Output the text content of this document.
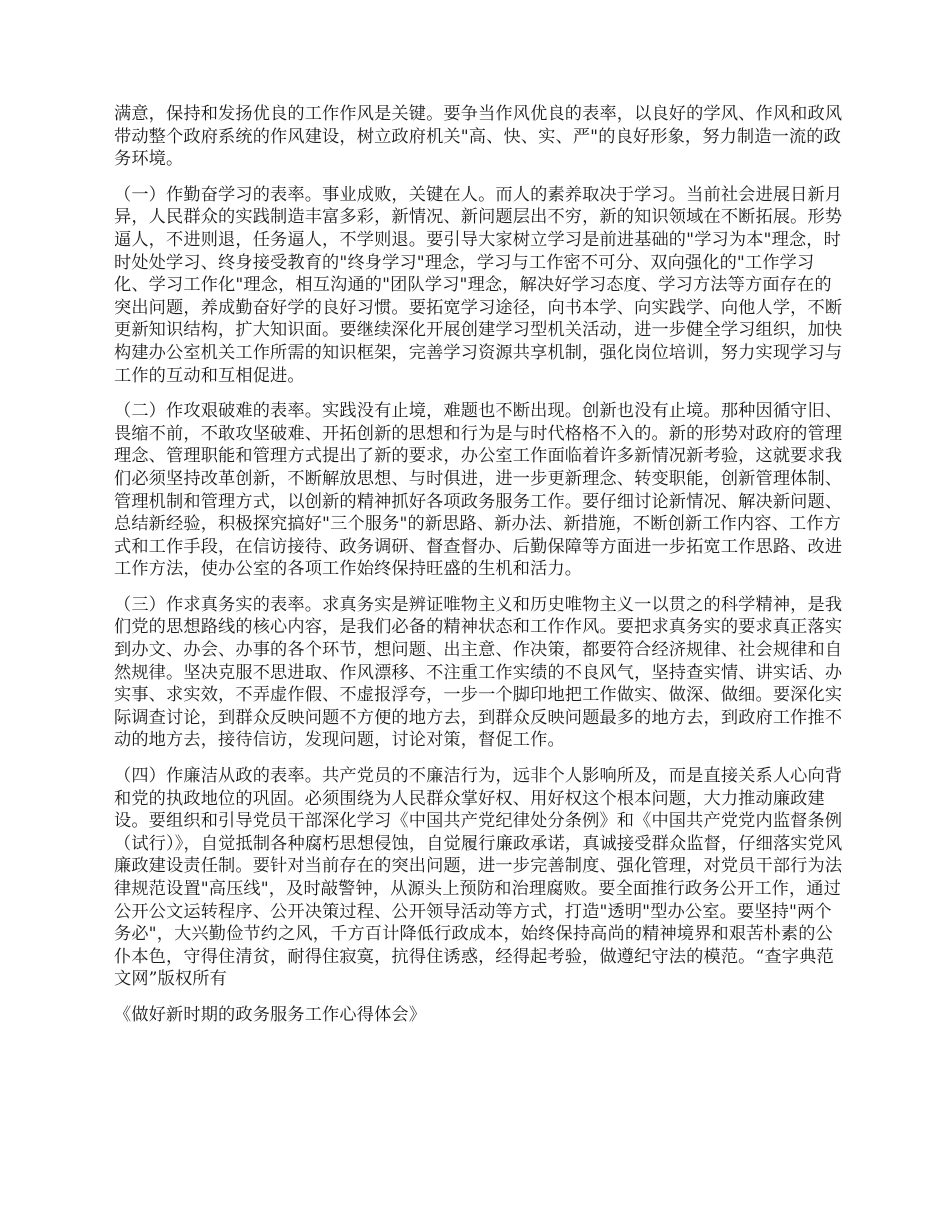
满意，保持和发扬优良的工作作风是关键。要争当作风优良的表率，以良好的学风、作风和政风带动整个政府系统的作风建设，树立政府机关"高、快、实、严"的良好形象，努力制造一流的政务环境。

（一）作勤奋学习的表率。事业成败，关键在人。而人的素养取决于学习。当前社会进展日新月异，人民群众的实践制造丰富多彩，新情况、新问题层出不穷，新的知识领域在不断拓展。形势逼人，不进则退，任务逼人，不学则退。要引导大家树立学习是前进基础的"学习为本"理念，时时处处学习、终身接受教育的"终身学习"理念，学习与工作密不可分、双向强化的"工作学习化、学习工作化"理念，相互沟通的"团队学习"理念，解决好学习态度、学习方法等方面存在的突出问题，养成勤奋好学的良好习惯。要拓宽学习途径，向书本学、向实践学、向他人学，不断更新知识结构，扩大知识面。要继续深化开展创建学习型机关活动，进一步健全学习组织，加快构建办公室机关工作所需的知识框架，完善学习资源共享机制，强化岗位培训，努力实现学习与工作的互动和互相促进。

（二）作攻艰破难的表率。实践没有止境，难题也不断出现。创新也没有止境。那种因循守旧、畏缩不前，不敢攻坚破难、开拓创新的思想和行为是与时代格格不入的。新的形势对政府的管理理念、管理职能和管理方式提出了新的要求，办公室工作面临着许多新情况新考验，这就要求我们必须坚持改革创新，不断解放思想、与时俱进，进一步更新理念、转变职能，创新管理体制、管理机制和管理方式，以创新的精神抓好各项政务服务工作。要仔细讨论新情况、解决新问题、总结新经验，积极探究搞好"三个服务"的新思路、新办法、新措施，不断创新工作内容、工作方式和工作手段，在信访接待、政务调研、督查督办、后勤保障等方面进一步拓宽工作思路、改进工作方法，使办公室的各项工作始终保持旺盛的生机和活力。

（三）作求真务实的表率。求真务实是辨证唯物主义和历史唯物主义一以贯之的科学精神，是我们党的思想路线的核心内容，是我们必备的精神状态和工作作风。要把求真务实的要求真正落实到办文、办会、办事的各个环节，想问题、出主意、作决策，都要符合经济规律、社会规律和自然规律。坚决克服不思进取、作风漂移、不注重工作实绩的不良风气，坚持查实情、讲实话、办实事、求实效，不弄虚作假、不虚报浮夸，一步一个脚印地把工作做实、做深、做细。要深化实际调查讨论，到群众反映问题不方便的地方去，到群众反映问题最多的地方去，到政府工作推不动的地方去，接待信访，发现问题，讨论对策，督促工作。

（四）作廉洁从政的表率。共产党员的不廉洁行为，远非个人影响所及，而是直接关系人心向背和党的执政地位的巩固。必须围绕为人民群众掌好权、用好权这个根本问题，大力推动廉政建设。要组织和引导党员干部深化学习《中国共产党纪律处分条例》和《中国共产党党内监督条例（试行）》，自觉抵制各种腐朽思想侵蚀，自觉履行廉政承诺，真诚接受群众监督，仔细落实党风廉政建设责任制。要针对当前存在的突出问题，进一步完善制度、强化管理，对党员干部行为法律规范设置"高压线"，及时敲警钟，从源头上预防和治理腐败。要全面推行政务公开工作，通过公开公文运转程序、公开决策过程、公开领导活动等方式，打造"透明"型办公室。要坚持"两个务必"，大兴勤俭节约之风，千方百计降低行政成本，始终保持高尚的精神境界和艰苦朴素的公仆本色，守得住清贫，耐得住寂寞，抗得住诱惑，经得起考验，做遵纪守法的模范。“查字典范文网”版权所有

《做好新时期的政务服务工作心得体会》
